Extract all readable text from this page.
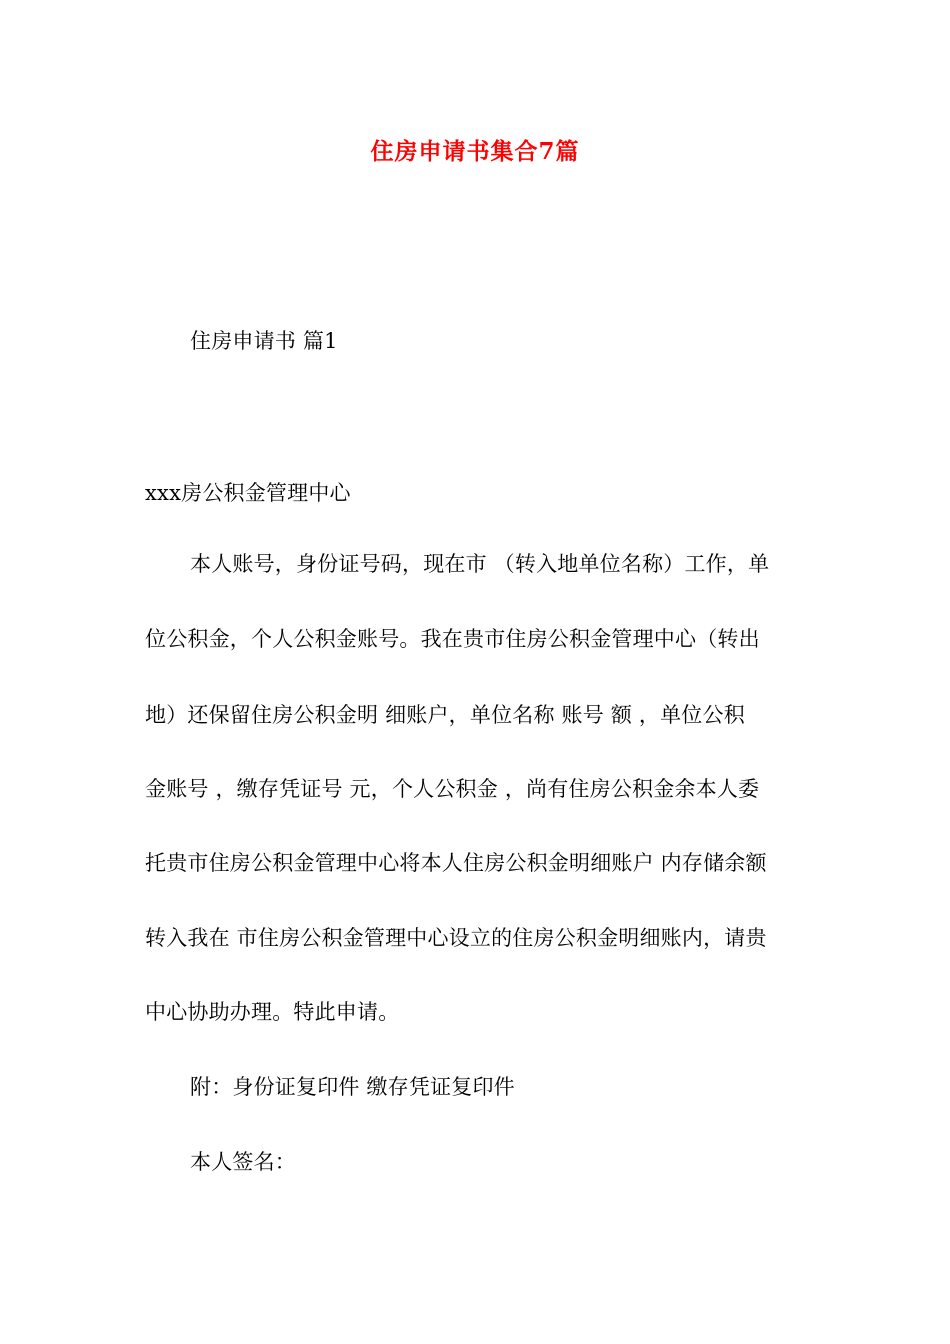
住房申请书集合7篇
住房申请书 篇1
xxx房公积金管理中心
本人账号，身份证号码，现在市 （转入地单位名称）工作，单
位公积金，个人公积金账号。我在贵市住房公积金管理中心（转出
地）还保留住房公积金明 细账户，单位名称 账号 额 ，单位公积
金账号 ，缴存凭证号 元，个人公积金 ，尚有住房公积金余本人委
托贵市住房公积金管理中心将本人住房公积金明细账户 内存储余额
转入我在 市住房公积金管理中心设立的住房公积金明细账内，请贵
中心协助办理。特此申请。
附：身份证复印件 缴存凭证复印件
本人签名：
